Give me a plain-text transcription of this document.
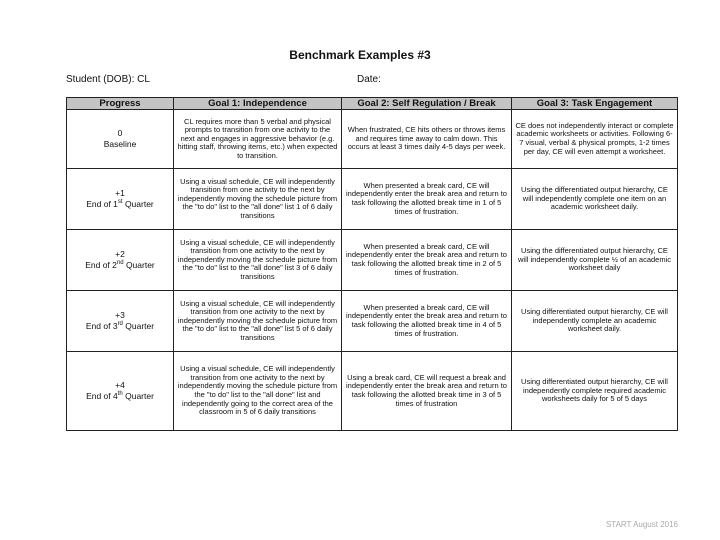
Benchmark Examples #3
Student (DOB): CL	Date:
Progress	Goal 1: Independence	Goal 2: Self Regulation / Break	Goal 3: Task Engagement

0
Baseline	CL requires more than 5 verbal and physical prompts to transition from one activity to the next and engages in aggressive behavior (e.g. hitting staff, throwing items, etc.) when expected to transition.	When frustrated, CE hits others or throws items and requires time away to calm down. This occurs at least 3 times daily 4-5 days per week.	CE does not independently interact or complete academic worksheets or activities. Following 6-7 visual, verbal & physical prompts, 1-2 times per day, CE will even attempt a worksheet.

+1
End of 1st Quarter	Using a visual schedule, CE will independently transition from one activity to the next by independently moving the schedule picture from the "to do" list to the "all done" list 1 of 6 daily transitions	When presented a break card, CE will independently enter the break area and return to task following the allotted break time in 1 of 5 times of frustration.	Using the differentiated output hierarchy, CE will independently complete one item on an academic worksheet daily.

+2
End of 2nd Quarter	Using a visual schedule, CE will independently transition from one activity to the next by independently moving the schedule picture from the "to do" list to the "all done" list 3 of 6 daily transitions	When presented a break card, CE will independently enter the break area and return to task following the allotted break time in 2 of 5 times of frustration.	Using the differentiated output hierarchy, CE will independently complete ½ of an academic worksheet daily

+3
End of 3rd Quarter	Using a visual schedule, CE will independently transition from one activity to the next by independently moving the schedule picture from the "to do" list to the "all done" list 5 of 6 daily transitions	When presented a break card, CE will independently enter the break area and return to task following the allotted break time in 4 of 5 times of frustration.	Using differentiated output hierarchy, CE will independently complete an academic worksheet daily.

+4
End of 4th Quarter	Using a visual schedule, CE will independently transition from one activity to the next by independently moving the schedule picture from the "to do" list to the "all done" list and independently going to the correct area of the classroom in 5 of 6 daily transitions	Using a break card, CE will request a break and independently enter the break area and return to task following the allotted break time in 3 of 5 times of frustration	Using differentiated output hierarchy, CE will independently complete required academic worksheets daily for 5 of 5 days
START August 2016
